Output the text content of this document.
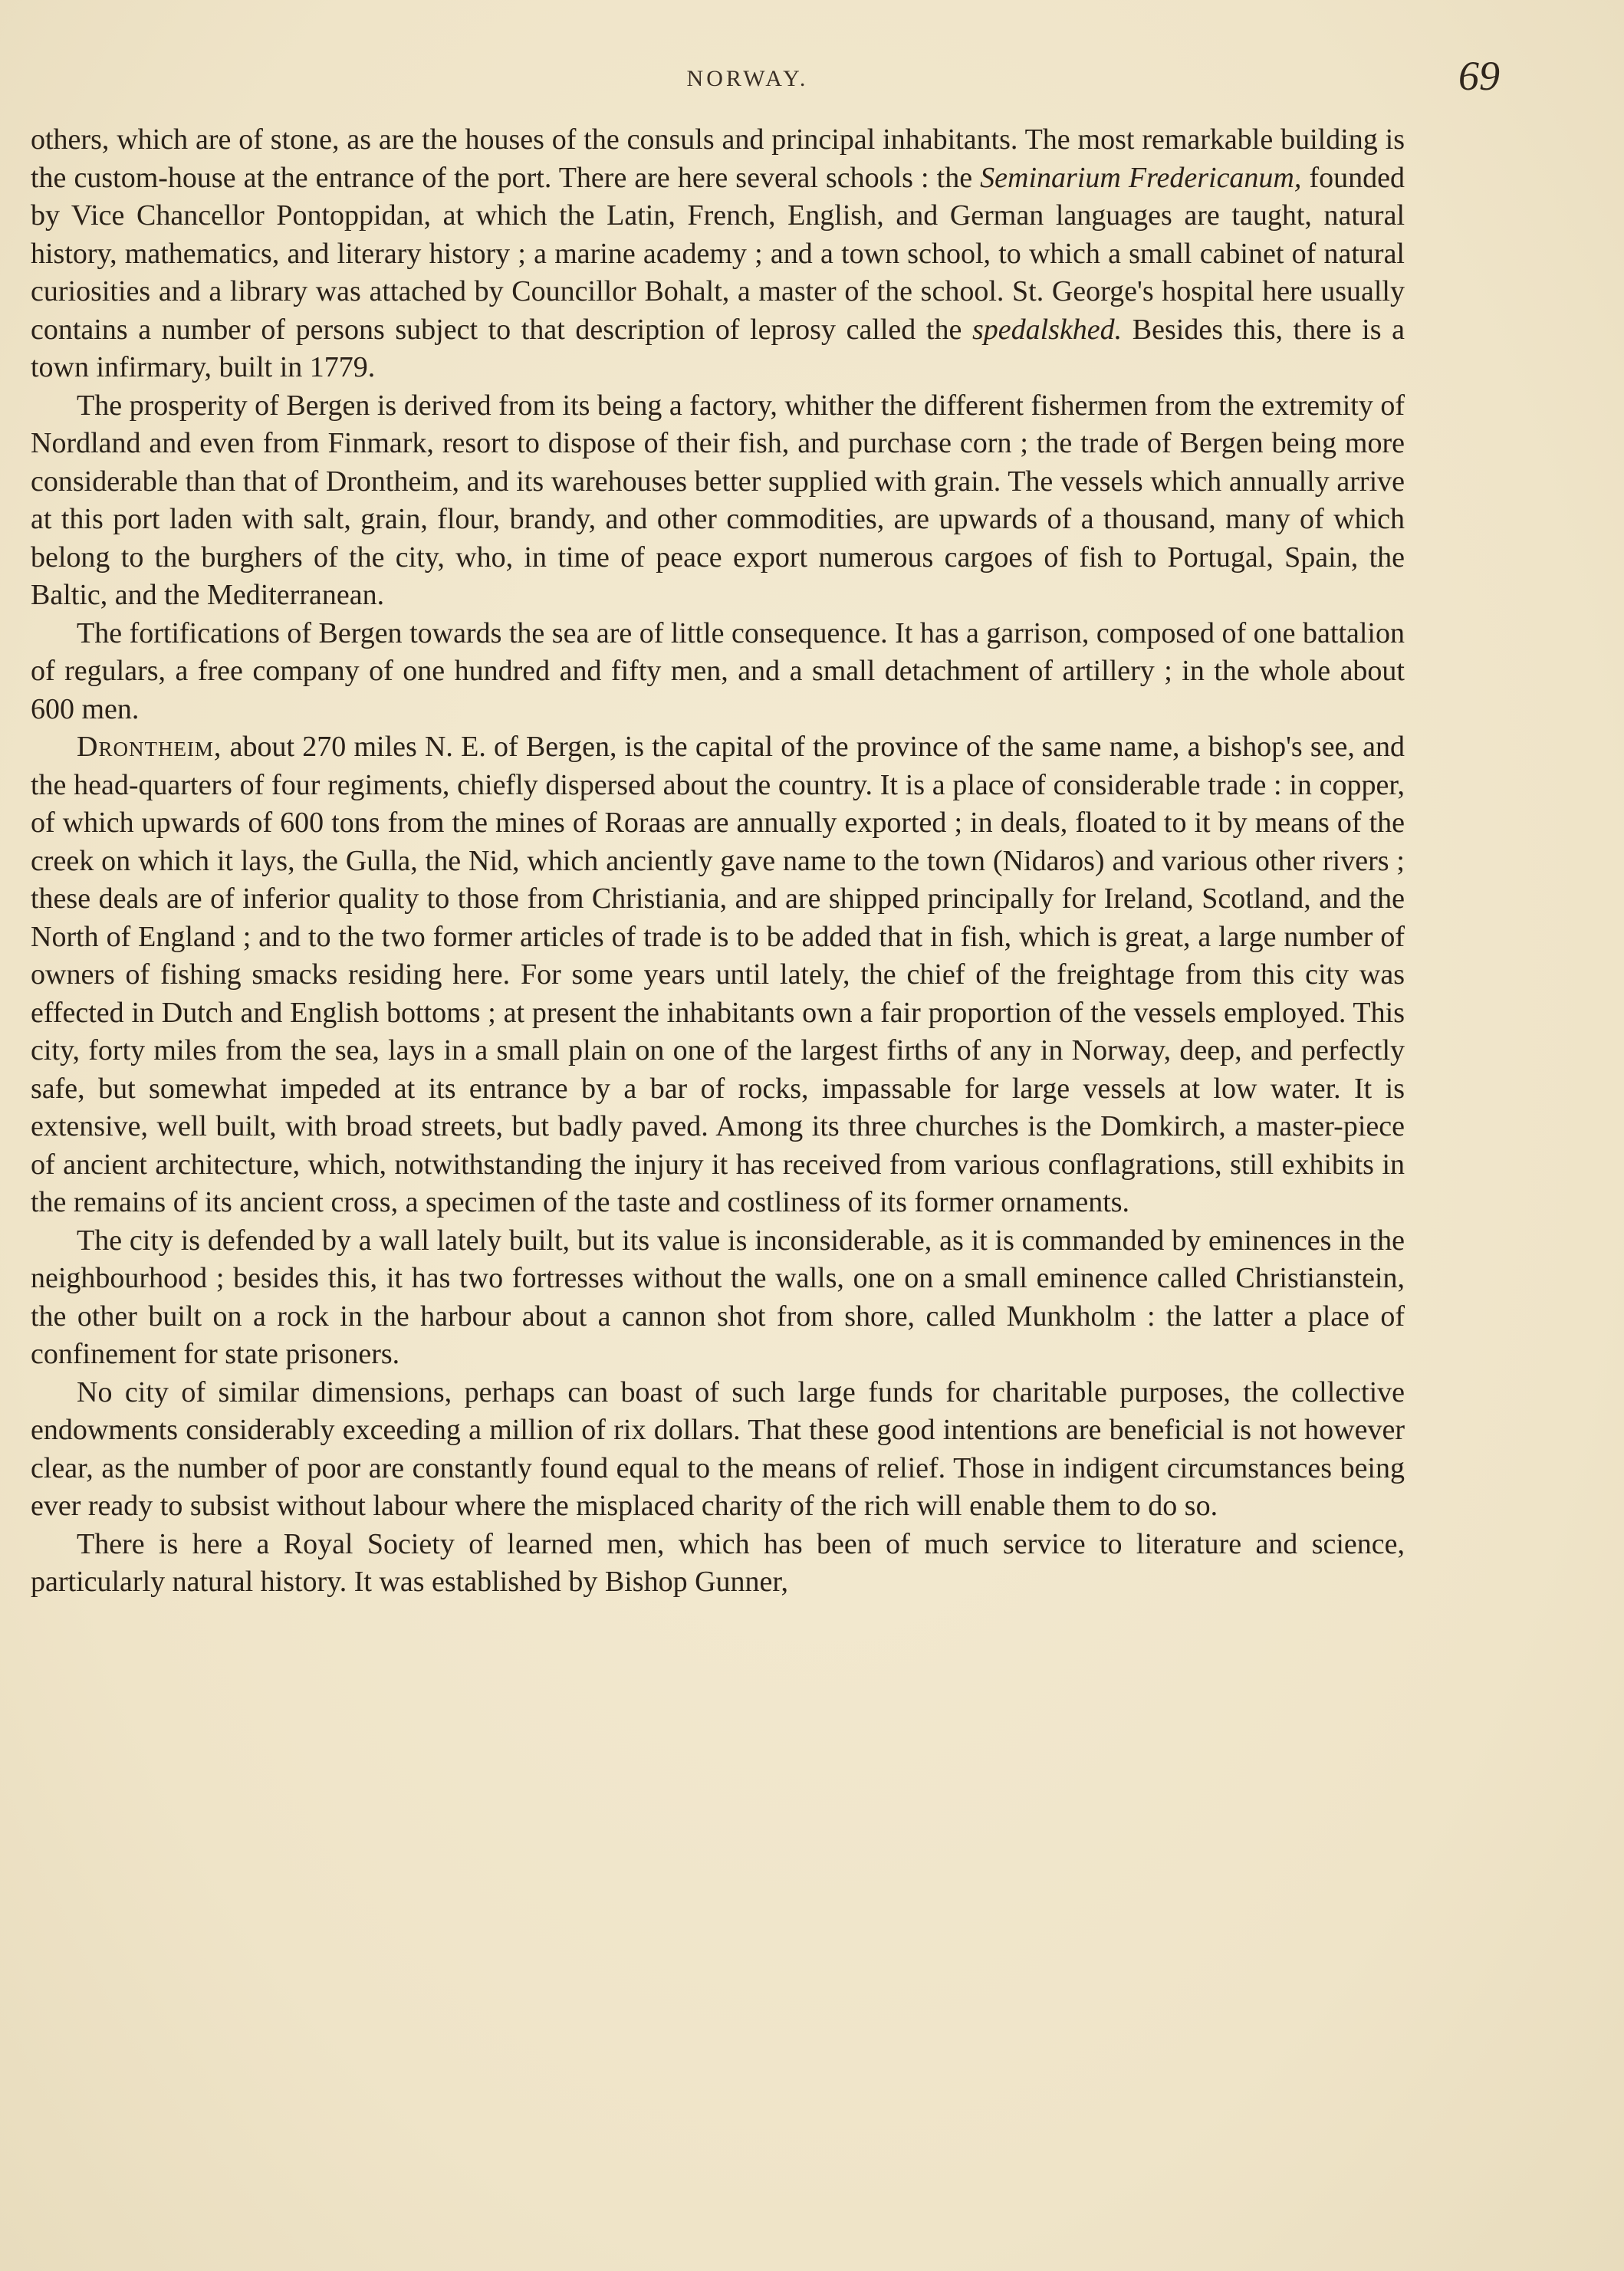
NORWAY.	69

others, which are of stone, as are the houses of the consuls and principal inhabitants. The most remarkable building is the custom-house at the entrance of the port. There are here several schools : the Seminarium Fredericanum, founded by Vice Chancellor Pontoppidan, at which the Latin, French, English, and German languages are taught, natural history, mathematics, and literary history ; a marine academy ; and a town school, to which a small cabinet of natural curiosities and a library was attached by Councillor Bohalt, a master of the school. St. George's hospital here usually contains a number of persons subject to that description of leprosy called the spedalskhed. Besides this, there is a town infirmary, built in 1779.

The prosperity of Bergen is derived from its being a factory, whither the different fishermen from the extremity of Nordland and even from Finmark, resort to dispose of their fish, and purchase corn ; the trade of Bergen being more considerable than that of Drontheim, and its warehouses better supplied with grain. The vessels which annually arrive at this port laden with salt, grain, flour, brandy, and other commodities, are upwards of a thousand, many of which belong to the burghers of the city, who, in time of peace export numerous cargoes of fish to Portugal, Spain, the Baltic, and the Mediterranean.

The fortifications of Bergen towards the sea are of little consequence. It has a garrison, composed of one battalion of regulars, a free company of one hundred and fifty men, and a small detachment of artillery ; in the whole about 600 men.

Drontheim, about 270 miles N. E. of Bergen, is the capital of the province of the same name, a bishop's see, and the head-quarters of four regiments, chiefly dispersed about the country. It is a place of considerable trade : in copper, of which upwards of 600 tons from the mines of Roraas are annually exported ; in deals, floated to it by means of the creek on which it lays, the Gulla, the Nid, which anciently gave name to the town (Nidaros) and various other rivers ; these deals are of inferior quality to those from Christiania, and are shipped principally for Ireland, Scotland, and the North of England ; and to the two former articles of trade is to be added that in fish, which is great, a large number of owners of fishing smacks residing here. For some years until lately, the chief of the freightage from this city was effected in Dutch and English bottoms ; at present the inhabitants own a fair proportion of the vessels employed. This city, forty miles from the sea, lays in a small plain on one of the largest firths of any in Norway, deep, and perfectly safe, but somewhat impeded at its entrance by a bar of rocks, impassable for large vessels at low water. It is extensive, well built, with broad streets, but badly paved. Among its three churches is the Domkirch, a master-piece of ancient architecture, which, notwithstanding the injury it has received from various conflagrations, still exhibits in the remains of its ancient cross, a specimen of the taste and costliness of its former ornaments.

The city is defended by a wall lately built, but its value is inconsiderable, as it is commanded by eminences in the neighbourhood ; besides this, it has two fortresses without the walls, one on a small eminence called Christianstein, the other built on a rock in the harbour about a cannon shot from shore, called Munkholm : the latter a place of confinement for state prisoners.

No city of similar dimensions, perhaps can boast of such large funds for charitable purposes, the collective endowments considerably exceeding a million of rix dollars. That these good intentions are beneficial is not however clear, as the number of poor are constantly found equal to the means of relief. Those in indigent circumstances being ever ready to subsist without labour where the misplaced charity of the rich will enable them to do so.

There is here a Royal Society of learned men, which has been of much service to literature and science, particularly natural history. It was established by Bishop Gunner,
